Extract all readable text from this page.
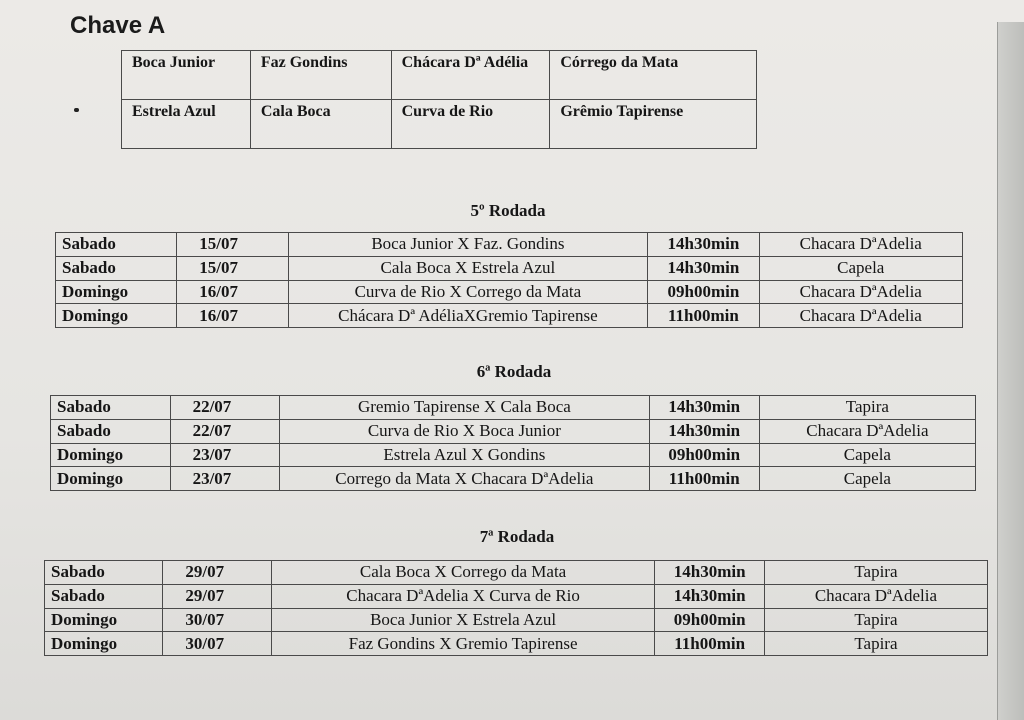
Chave A
Boca Junior	Faz Gondins	Chácara Dª Adélia	Córrego da Mata
Estrela Azul	Cala Boca	Curva de Rio	Grêmio Tapirense
5º Rodada
Sabado	15/07	Boca Junior X Faz. Gondins	14h30min	Chacara DªAdelia
Sabado	15/07	Cala Boca X Estrela Azul	14h30min	Capela
Domingo	16/07	Curva de Rio X Corrego da Mata	09h00min	Chacara DªAdelia
Domingo	16/07	Chácara Dª AdéliaXGremio Tapirense	11h00min	Chacara DªAdelia
6ª Rodada
Sabado	22/07	Gremio Tapirense X Cala Boca	14h30min	Tapira
Sabado	22/07	Curva de Rio X Boca Junior	14h30min	Chacara DªAdelia
Domingo	23/07	Estrela Azul X Gondins	09h00min	Capela
Domingo	23/07	Corrego da Mata X Chacara DªAdelia	11h00min	Capela
7ª Rodada
Sabado	29/07	Cala Boca X Corrego da Mata	14h30min	Tapira
Sabado	29/07	Chacara DªAdelia X Curva de Rio	14h30min	Chacara DªAdelia
Domingo	30/07	Boca Junior X Estrela Azul	09h00min	Tapira
Domingo	30/07	Faz Gondins X Gremio Tapirense	11h00min	Tapira
